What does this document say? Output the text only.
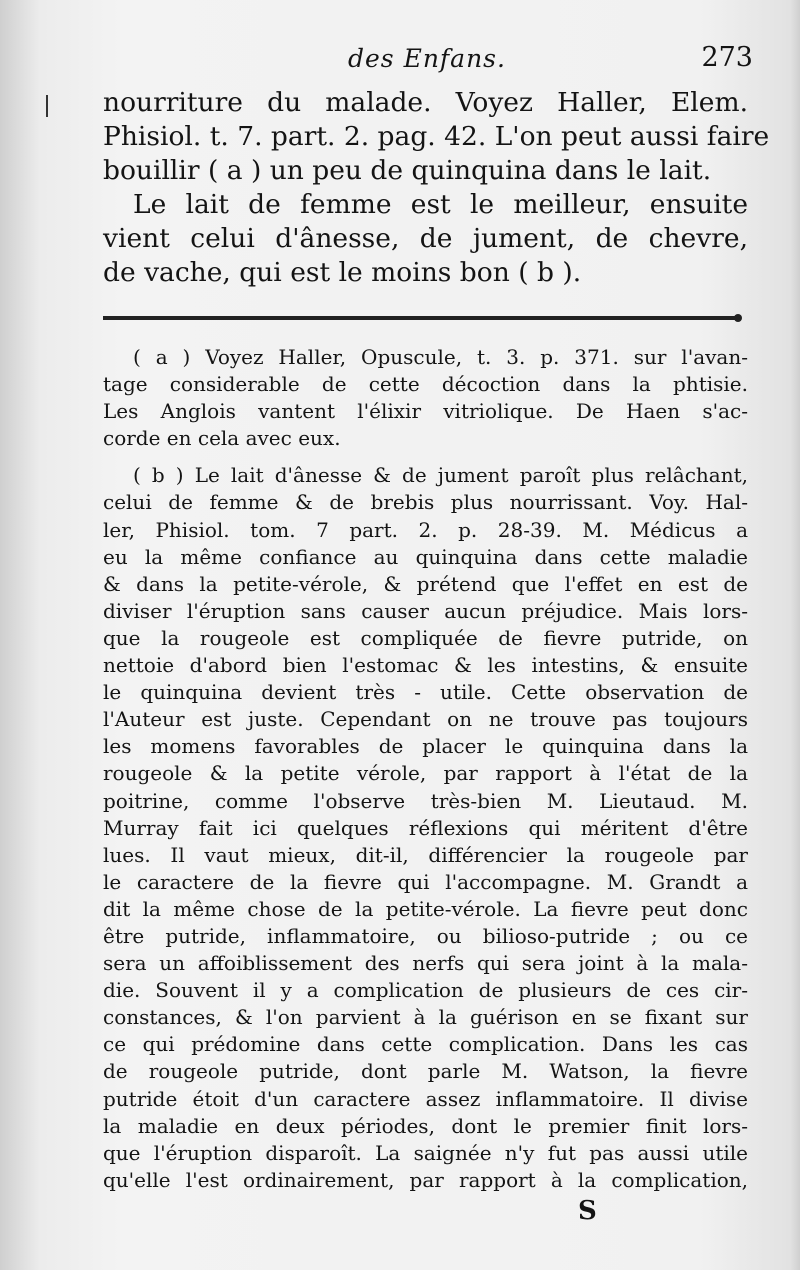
des Enfans.	273
nourriture du malade. Voyez Haller, Elem.
Phisiol. t. 7. part. 2. pag. 42. L'on peut aussi faire
bouillir ( a ) un peu de quinquina dans le lait.
Le lait de femme est le meilleur, ensuite
vient celui d'ânesse, de jument, de chevre,
de vache, qui est le moins bon ( b ).
( a ) Voyez Haller, Opuscule, t. 3. p. 371. sur l'avan-
tage considerable de cette décoction dans la phtisie.
Les Anglois vantent l'élixir vitriolique. De Haen s'ac-
corde en cela avec eux.
( b ) Le lait d'ânesse & de jument paroît plus relâchant,
celui de femme & de brebis plus nourrissant. Voy. Hal-
ler, Phisiol. tom. 7 part. 2. p. 28-39. M. Médicus a
eu la même confiance au quinquina dans cette maladie
& dans la petite-vérole, & prétend que l'effet en est de
diviser l'éruption sans causer aucun préjudice. Mais lors-
que la rougeole est compliquée de fievre putride, on
nettoie d'abord bien l'estomac & les intestins, & ensuite
le quinquina devient très - utile. Cette observation de
l'Auteur est juste. Cependant on ne trouve pas toujours
les momens favorables de placer le quinquina dans la
rougeole & la petite vérole, par rapport à l'état de la
poitrine, comme l'observe très-bien M. Lieutaud. M.
Murray fait ici quelques réflexions qui méritent d'être
lues. Il vaut mieux, dit-il, différencier la rougeole par
le caractere de la fievre qui l'accompagne. M. Grandt a
dit la même chose de la petite-vérole. La fievre peut donc
être putride, inflammatoire, ou bilioso-putride ; ou ce
sera un affoiblissement des nerfs qui sera joint à la mala-
die. Souvent il y a complication de plusieurs de ces cir-
constances, & l'on parvient à la guérison en se fixant sur
ce qui prédomine dans cette complication. Dans les cas
de rougeole putride, dont parle M. Watson, la fievre
putride étoit d'un caractere assez inflammatoire. Il divise
la maladie en deux périodes, dont le premier finit lors-
que l'éruption disparoît. La saignée n'y fut pas aussi utile
qu'elle l'est ordinairement, par rapport à la complication,
S
